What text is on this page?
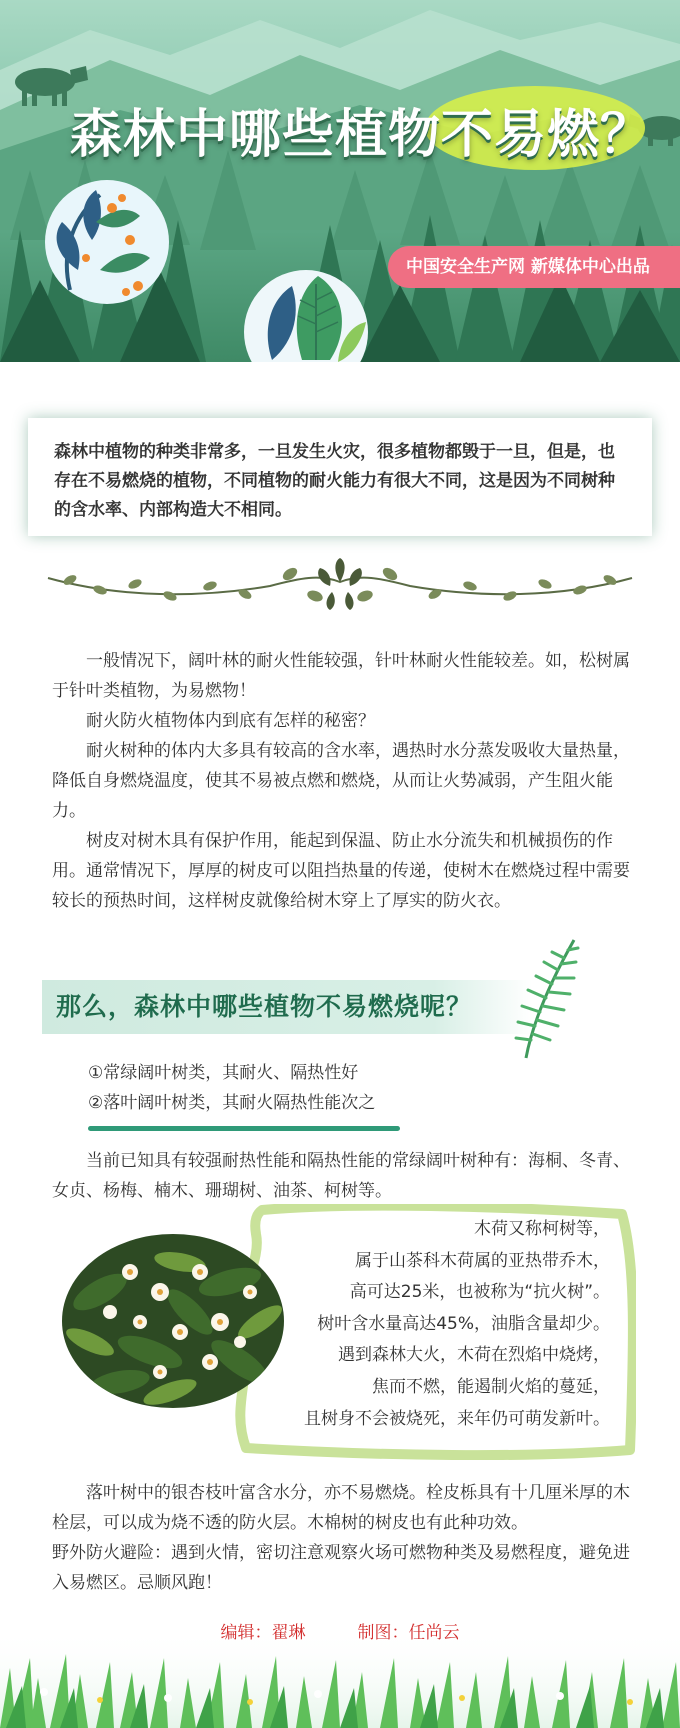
森林中哪些植物不易燃？
中国安全生产网 新媒体中心出品
森林中植物的种类非常多，一旦发生火灾，很多植物都毁于一旦，但是，也存在不易燃烧的植物，不同植物的耐火能力有很大不同，这是因为不同树种的含水率、内部构造大不相同。

一般情况下，阔叶林的耐火性能较强，针叶林耐火性能较差。如，松树属于针叶类植物，为易燃物！

耐火防火植物体内到底有怎样的秘密？

耐火树种的体内大多具有较高的含水率，遇热时水分蒸发吸收大量热量，降低自身燃烧温度，使其不易被点燃和燃烧，从而让火势减弱，产生阻火能力。

树皮对树木具有保护作用，能起到保温、防止水分流失和机械损伤的作用。通常情况下，厚厚的树皮可以阻挡热量的传递，使树木在燃烧过程中需要较长的预热时间，这样树皮就像给树木穿上了厚实的防火衣。

那么，森林中哪些植物不易燃烧呢？
①常绿阔叶树类，其耐火、隔热性好
②落叶阔叶树类，其耐火隔热性能次之

当前已知具有较强耐热性能和隔热性能的常绿阔叶树种有：海桐、冬青、女贞、杨梅、楠木、珊瑚树、油茶、柯树等。

木荷又称柯树等，
属于山茶科木荷属的亚热带乔木，
高可达25米，也被称为“抗火树”。
树叶含水量高达45%，油脂含量却少。
遇到森林大火，木荷在烈焰中烧烤，
焦而不燃，能遏制火焰的蔓延，
且树身不会被烧死，来年仍可萌发新叶。

落叶树中的银杏枝叶富含水分，亦不易燃烧。栓皮栎具有十几厘米厚的木栓层，可以成为烧不透的防火层。木棉树的树皮也有此种功效。

野外防火避险：遇到火情，密切注意观察火场可燃物种类及易燃程度，避免进入易燃区。忌顺风跑！

编辑：翟琳	制图：任尚云
